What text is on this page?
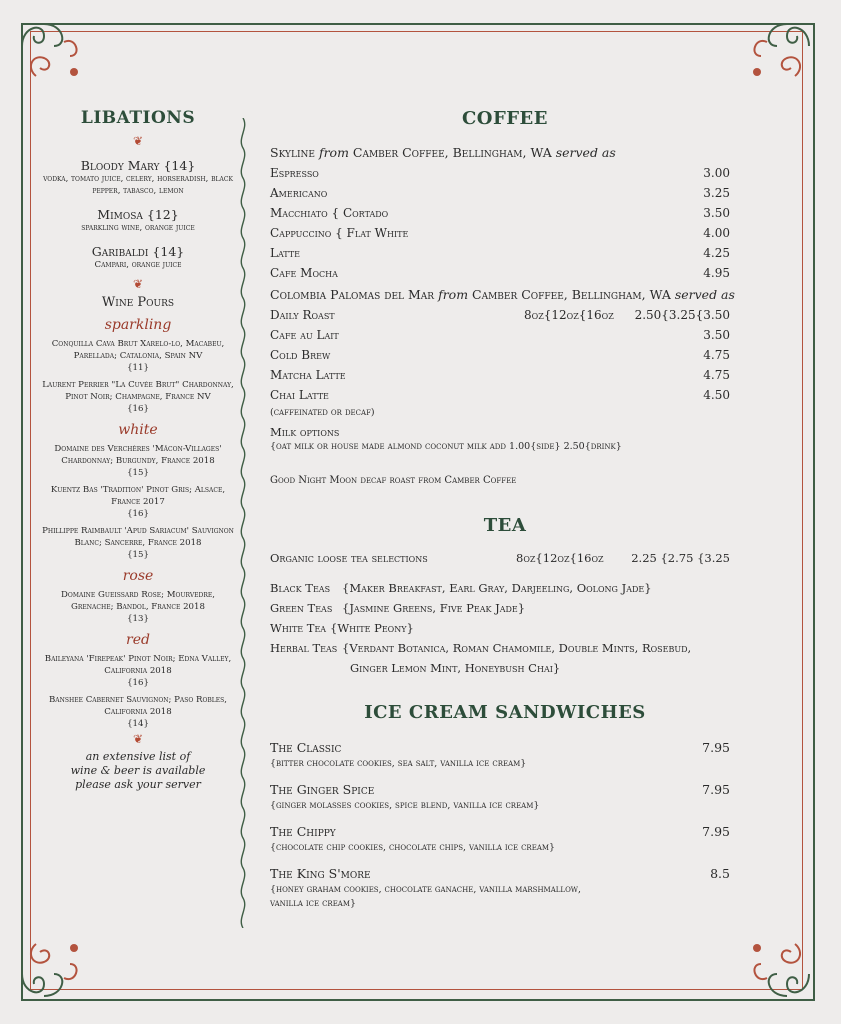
LIBATIONS
❦
Bloody Mary {14}
vodka, tomato juice, celery, horseradish, black pepper, tabasco, lemon
Mimosa {12}
sparkling wine, orange juice
Garibaldi {14}
Campari, orange juice
❦
Wine Pours
sparkling
Conquilla Cava Brut Xarelo-lo, Macabeu, Parellada; Catalonia, Spain NV
{11}
Laurent Perrier "La Cuvée Brut" Chardonnay, Pinot Noir; Champagne, France NV
{16}
white
Domaine des Verchères 'Mâcon-Villages' Chardonnay; Burgundy, France 2018
{15}
Kuentz Bas 'Tradition' Pinot Gris; Alsace, France 2017
{16}
Phillippe Raimbault 'Apud Sariacum' Sauvignon Blanc; Sancerre, France 2018
{15}
rose
Domaine Gueissard Rose; Mourvedre, Grenache; Bandol, France 2018
{13}
red
Baileyana 'Firepeak' Pinot Noir; Edna Valley, California 2018
{16}
Banshee Cabernet Sauvignon; Paso Robles, California 2018
{14}
❦
an extensive list of
wine & beer is available
please ask your server
COFFEE
Skyline from Camber Coffee, Bellingham, WA served as
Espresso	3.00
Americano	3.25
Macchiato { Cortado	3.50
Cappuccino { Flat White	4.00
Latte	4.25
Cafe Mocha	4.95
Colombia Palomas del Mar from Camber Coffee, Bellingham, WA served as
Daily Roast	8oz{12oz{16oz 2.50{3.25{3.50
Cafe au Lait	3.50
Cold Brew	4.75
Matcha Latte	4.75
Chai Latte	4.50
(caffeinated or decaf)
Milk options
{oat milk or house made almond coconut milk add 1.00{side} 2.50{drink}
Good Night Moon decaf roast from Camber Coffee
TEA
Organic loose tea selections	8oz{12oz{16oz 2.25 {2.75 {3.25
Black Teas {Maker Breakfast, Earl Gray, Darjeeling, Oolong Jade}
Green Teas {Jasmine Greens, Five Peak Jade}
White Tea {White Peony}
Herbal Teas {Verdant Botanica, Roman Chamomile, Double Mints, Rosebud,
Ginger Lemon Mint, Honeybush Chai}
ICE CREAM SANDWICHES
The Classic	7.95
{bitter chocolate cookies, sea salt, vanilla ice cream}
The Ginger Spice	7.95
{ginger molasses cookies, spice blend, vanilla ice cream}
The Chippy	7.95
{chocolate chip cookies, chocolate chips, vanilla ice cream}
The King S'more	8.5
{honey graham cookies, chocolate ganache, vanilla marshmallow,
vanilla ice cream}
